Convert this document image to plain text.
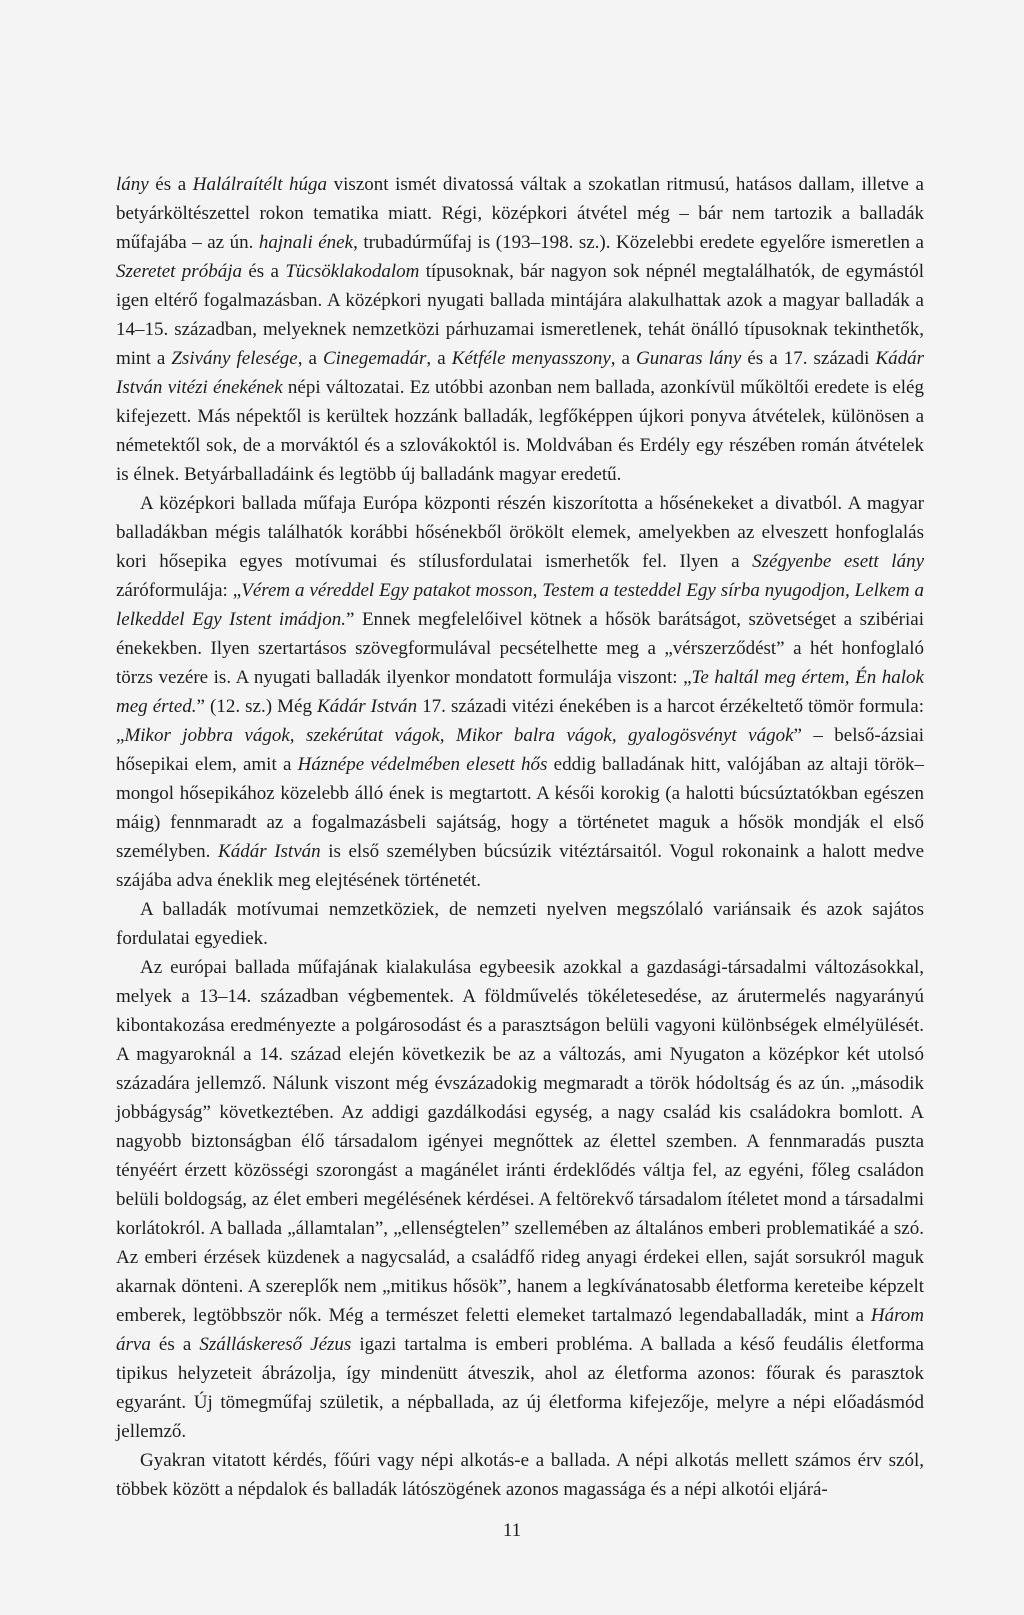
lány és a Halálraítélt húga viszont ismét divatossá váltak a szokatlan ritmusú, hatásos dallam, illetve a betyárköltészettel rokon tematika miatt. Régi, középkori átvétel még – bár nem tartozik a balladák műfajába – az ún. hajnali ének, trubadúrműfaj is (193–198. sz.). Közelebbi eredete egyelőre ismeretlen a Szeretet próbája és a Tücsöklakodalom típusoknak, bár nagyon sok népnél megtalálhatók, de egymástól igen eltérő fogalmazásban. A középkori nyugati ballada mintájára alakulhattak azok a magyar balladák a 14–15. században, melyeknek nemzetközi párhuzamai ismeretlenek, tehát önálló típusoknak tekinthetők, mint a Zsivány felesége, a Cinegemadár, a Kétféle menyasszony, a Gunaras lány és a 17. századi Kádár István vitézi énekének népi változatai. Ez utóbbi azonban nem ballada, azonkívül műköltői eredete is elég kifejezett. Más népektől is kerültek hozzánk balladák, legfőképpen újkori ponyva átvételek, különösen a németektől sok, de a morváktól és a szlovákoktól is. Moldvában és Erdély egy részében román átvételek is élnek. Betyárballadáink és legtöbb új balladánk magyar eredetű.

A középkori ballada műfaja Európa központi részén kiszorította a hősénekeket a divatból. A magyar balladákban mégis találhatók korábbi hősénekből örökölt elemek, amelyekben az elveszett honfoglalás kori hősepika egyes motívumai és stílusfordulatai ismerhetők fel. Ilyen a Szégyenbe esett lány záróformulája: „Vérem a véreddel Egy patakot mosson, Testem a testeddel Egy sírba nyugodjon, Lelkem a lelkeddel Egy Istent imádjon.” Ennek megfelelőivel kötnek a hősök barátságot, szövetséget a szibériai énekekben. Ilyen szertartásos szövegformulával pecsételhette meg a „vérszerződést” a hét honfoglaló törzs vezére is. A nyugati balladák ilyenkor mondatott formulája viszont: „Te haltál meg értem, Én halok meg érted.” (12. sz.) Még Kádár István 17. századi vitézi énekében is a harcot érzékeltető tömör formula: „Mikor jobbra vágok, szekérútat vágok, Mikor balra vágok, gyalogösvényt vágok” – belső-ázsiai hősepikai elem, amit a Háznépe védelmében elesett hős eddig balladának hitt, valójában az altaji török–mongol hősepikához közelebb álló ének is megtartott. A késői korokig (a halotti búcsúztatókban egészen máig) fennmaradt az a fogalmazásbeli sajátság, hogy a történetet maguk a hősök mondják el első személyben. Kádár István is első személyben búcsúzik vitéztársaitól. Vogul rokonaink a halott medve szájába adva éneklik meg elejtésének történetét.

A balladák motívumai nemzetköziek, de nemzeti nyelven megszólaló variánsaik és azok sajátos fordulatai egyediek.

Az európai ballada műfajának kialakulása egybeesik azokkal a gazdasági-társadalmi változásokkal, melyek a 13–14. században végbementek. A földművelés tökéletesedése, az árutermelés nagyarányú kibontakozása eredményezte a polgárosodást és a parasztságon belüli vagyoni különbségek elmélyülését. A magyaroknál a 14. század elején következik be az a változás, ami Nyugaton a középkor két utolsó századára jellemző. Nálunk viszont még évszázadokig megmaradt a török hódoltság és az ún. „második jobbágyság” következtében. Az addigi gazdálkodási egység, a nagy család kis családokra bomlott. A nagyobb biztonságban élő társadalom igényei megnőttek az élettel szemben. A fennmaradás puszta tényéért érzett közösségi szorongást a magánélet iránti érdeklődés váltja fel, az egyéni, főleg családon belüli boldogság, az élet emberi megélésének kérdései. A feltörekvő társadalom ítéletet mond a társadalmi korlátokról. A ballada „államtalan”, „ellenségtelen” szellemében az általános emberi problematikáé a szó. Az emberi érzések küzdenek a nagycsalád, a családfő rideg anyagi érdekei ellen, saját sorsukról maguk akarnak dönteni. A szereplők nem „mitikus hősök”, hanem a legkívánatosabb életforma kereteibe képzelt emberek, legtöbbször nők. Még a természet feletti elemeket tartalmazó legendaballadák, mint a Három árva és a Szálláskereső Jézus igazi tartalma is emberi probléma. A ballada a késő feudális életforma tipikus helyzeteit ábrázolja, így mindenütt átveszik, ahol az életforma azonos: főurak és parasztok egyaránt. Új tömegműfaj születik, a népballada, az új életforma kifejezője, melyre a népi előadásmód jellemző.

Gyakran vitatott kérdés, főúri vagy népi alkotás-e a ballada. A népi alkotás mellett számos érv szól, többek között a népdalok és balladák látószögének azonos magassága és a népi alkotói eljárá-

11
